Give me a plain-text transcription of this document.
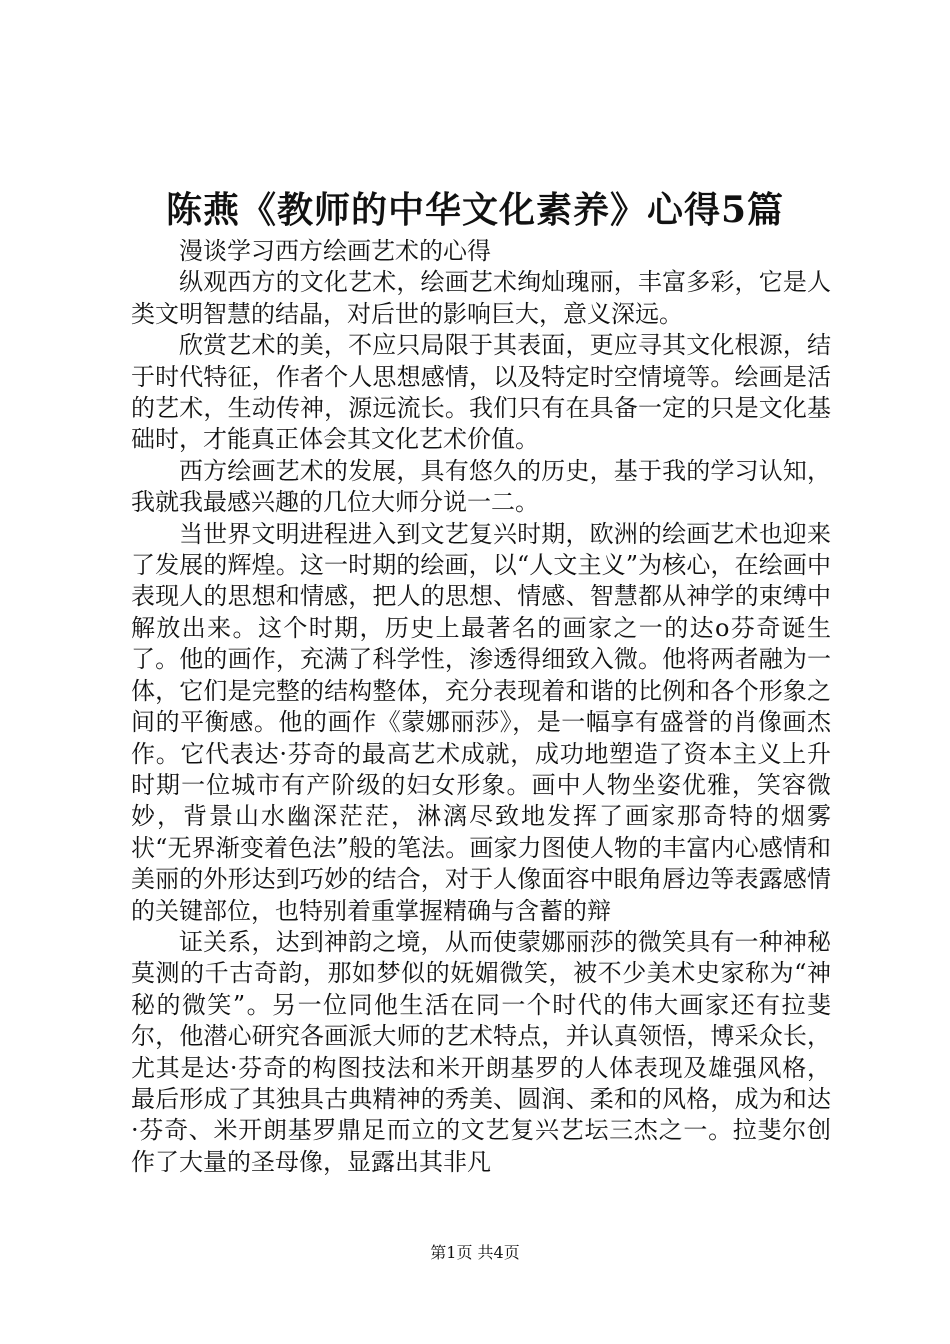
陈燕《教师的中华文化素养》心得5篇

漫谈学习西方绘画艺术的心得

纵观西方的文化艺术，绘画艺术绚灿瑰丽，丰富多彩，它是人类文明智慧的结晶，对后世的影响巨大，意义深远。

欣赏艺术的美，不应只局限于其表面，更应寻其文化根源，结于时代特征，作者个人思想感情，以及特定时空情境等。绘画是活的艺术，生动传神，源远流长。我们只有在具备一定的只是文化基础时，才能真正体会其文化艺术价值。

西方绘画艺术的发展，具有悠久的历史，基于我的学习认知，我就我最感兴趣的几位大师分说一二。

当世界文明进程进入到文艺复兴时期，欧洲的绘画艺术也迎来了发展的辉煌。这一时期的绘画，以“人文主义”为核心，在绘画中表现人的思想和情感，把人的思想、情感、智慧都从神学的束缚中解放出来。这个时期，历史上最著名的画家之一的达o芬奇诞生了。他的画作，充满了科学性，渗透得细致入微。他将两者融为一体，它们是完整的结构整体，充分表现着和谐的比例和各个形象之间的平衡感。他的画作《蒙娜丽莎》，是一幅享有盛誉的肖像画杰作。它代表达·芬奇的最高艺术成就，成功地塑造了资本主义上升时期一位城市有产阶级的妇女形象。画中人物坐姿优雅，笑容微妙，背景山水幽深茫茫，淋漓尽致地发挥了画家那奇特的烟雾状“无界渐变着色法”般的笔法。画家力图使人物的丰富内心感情和美丽的外形达到巧妙的结合，对于人像面容中眼角唇边等表露感情的关键部位，也特别着重掌握精确与含蓄的辩

证关系，达到神韵之境，从而使蒙娜丽莎的微笑具有一种神秘莫测的千古奇韵，那如梦似的妩媚微笑，被不少美术史家称为“神秘的微笑”。另一位同他生活在同一个时代的伟大画家还有拉斐尔，他潜心研究各画派大师的艺术特点，并认真领悟，博采众长，尤其是达·芬奇的构图技法和米开朗基罗的人体表现及雄强风格，最后形成了其独具古典精神的秀美、圆润、柔和的风格，成为和达·芬奇、米开朗基罗鼎足而立的文艺复兴艺坛三杰之一。拉斐尔创作了大量的圣母像，显露出其非凡

第1页 共4页
